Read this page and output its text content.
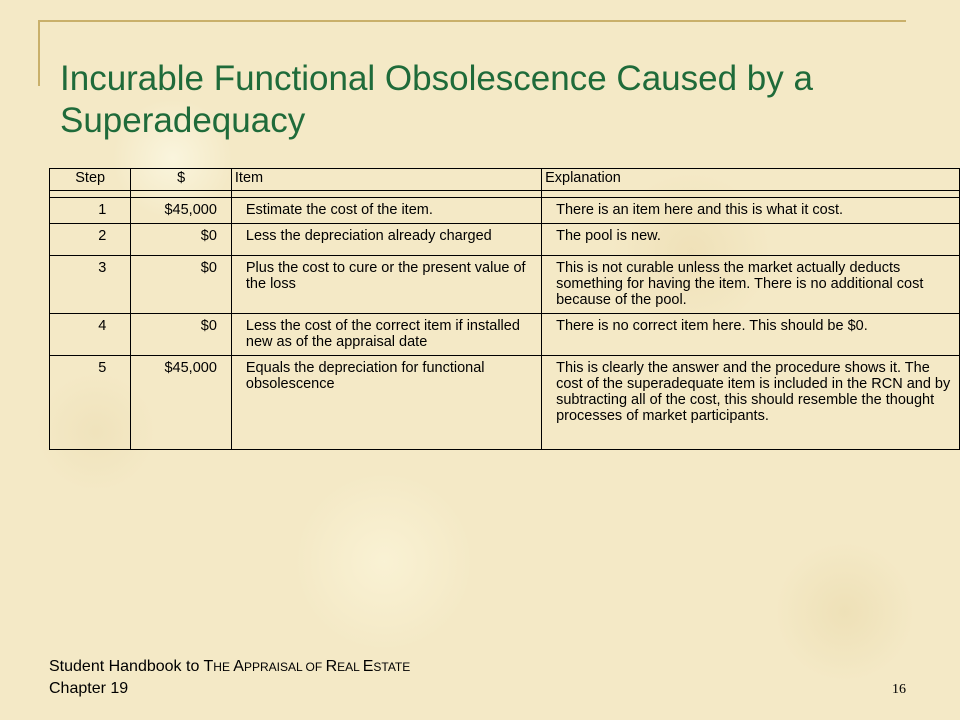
Incurable Functional Obsolescence Caused by a Superadequacy
Step	$	Item	Explanation

1	$45,000	Estimate the cost of the item.	There is an item here and this is what it cost.
2	$0	Less the depreciation already charged	The pool is new.

3	$0	Plus the cost to cure or the present value of the loss	This is not curable unless the market actually deducts something for having the item. There is no additional cost because of the pool.
4	$0	Less the cost of the correct item if installed new as of the appraisal date	There is no correct item here. This should be $0.
5	$45,000	Equals the depreciation for functional obsolescence	This is clearly the answer and the procedure shows it. The cost of the superadequate item is included in the RCN and by subtracting all of the cost, this should resemble the thought processes of market participants.
Student Handbook to THE APPRAISAL OF REAL ESTATE
Chapter 19	16
